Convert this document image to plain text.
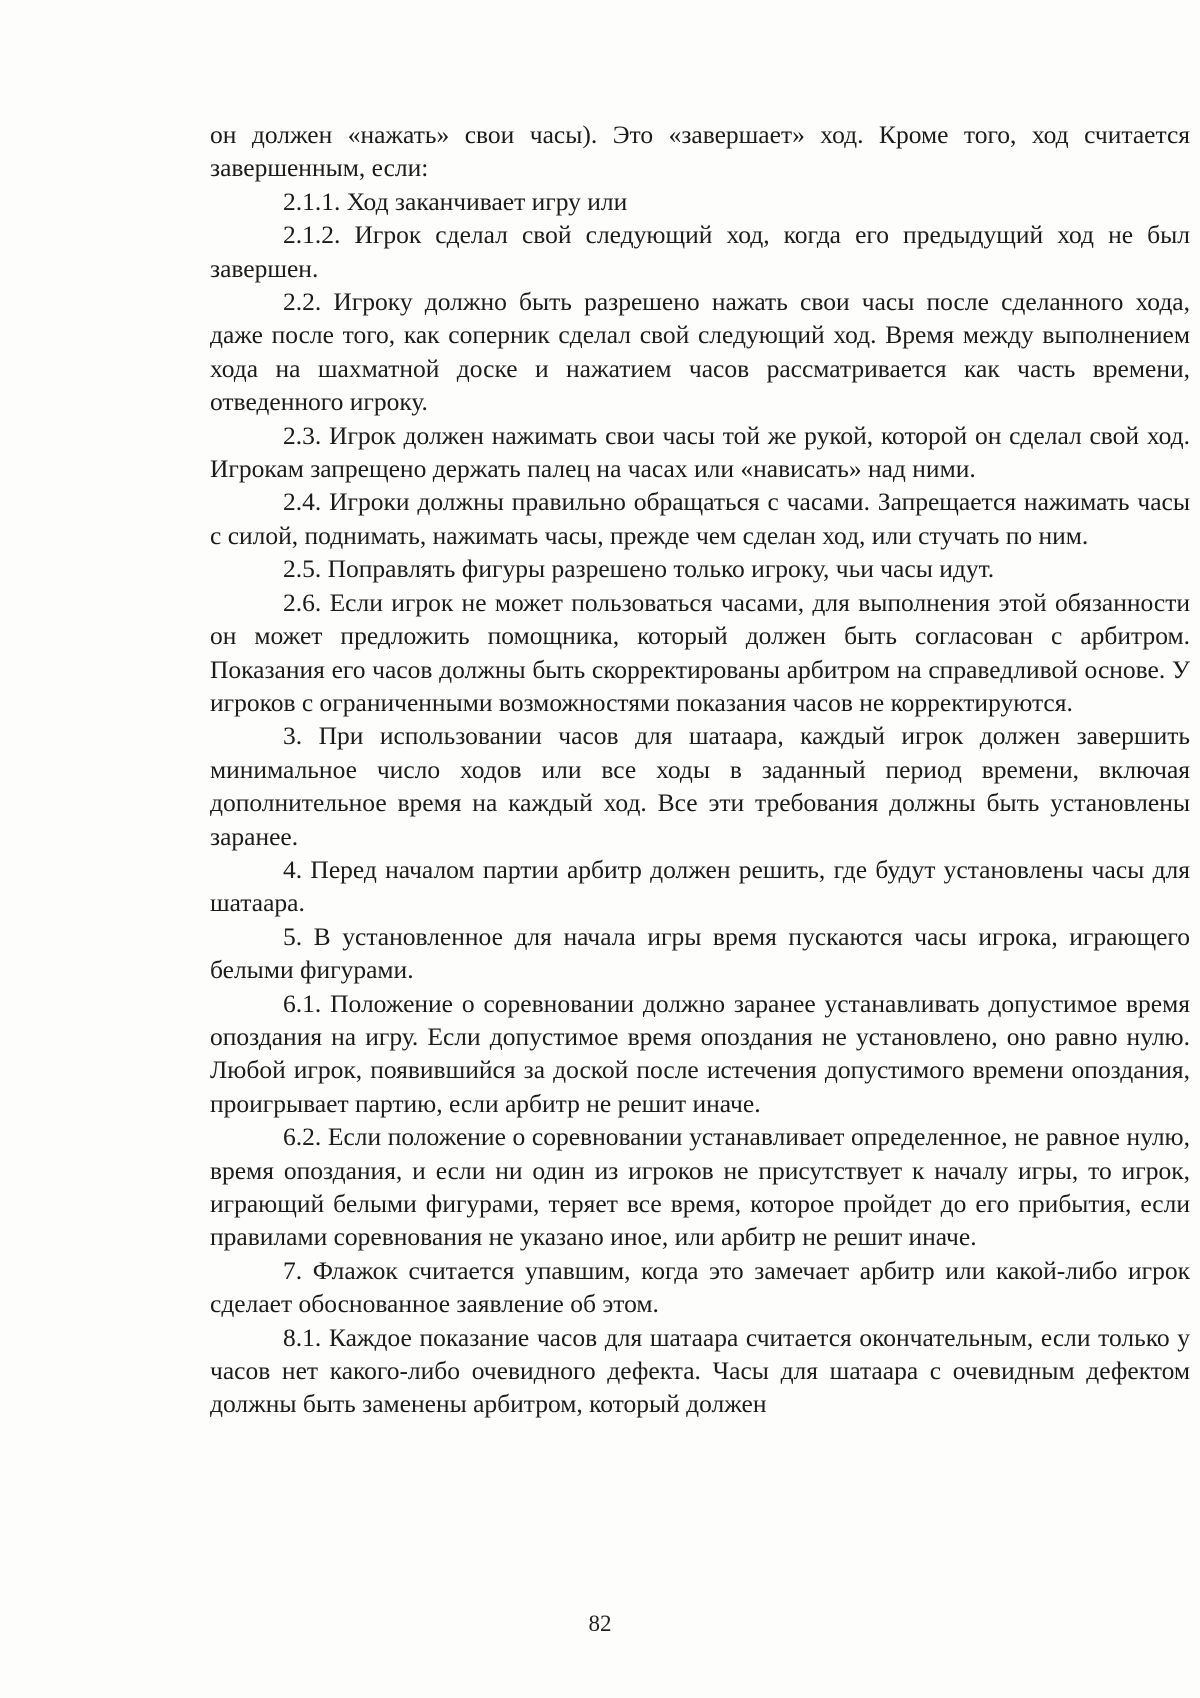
он должен «нажать» свои часы). Это «завершает» ход. Кроме того, ход считается завершенным, если:

2.1.1. Ход заканчивает игру или

2.1.2. Игрок сделал свой следующий ход, когда его предыдущий ход не был завершен.

2.2. Игроку должно быть разрешено нажать свои часы после сделанного хода, даже после того, как соперник сделал свой следующий ход. Время между выполнением хода на шахматной доске и нажатием часов рассматривается как часть времени, отведенного игроку.

2.3. Игрок должен нажимать свои часы той же рукой, которой он сделал свой ход. Игрокам запрещено держать палец на часах или «нависать» над ними.

2.4. Игроки должны правильно обращаться с часами. Запрещается нажимать часы с силой, поднимать, нажимать часы, прежде чем сделан ход, или стучать по ним.

2.5. Поправлять фигуры разрешено только игроку, чьи часы идут.

2.6. Если игрок не может пользоваться часами, для выполнения этой обязанности он может предложить помощника, который должен быть согласован с арбитром. Показания его часов должны быть скорректированы арбитром на справедливой основе. У игроков с ограниченными возможностями показания часов не корректируются.

3. При использовании часов для шатаара, каждый игрок должен завершить минимальное число ходов или все ходы в заданный период времени, включая дополнительное время на каждый ход. Все эти требования должны быть установлены заранее.

4. Перед началом партии арбитр должен решить, где будут установлены часы для шатаара.

5. В установленное для начала игры время пускаются часы игрока, играющего белыми фигурами.

6.1. Положение о соревновании должно заранее устанавливать допустимое время опоздания на игру. Если допустимое время опоздания не установлено, оно равно нулю. Любой игрок, появившийся за доской после истечения допустимого времени опоздания, проигрывает партию, если арбитр не решит иначе.

6.2. Если положение о соревновании устанавливает определенное, не равное нулю, время опоздания, и если ни один из игроков не присутствует к началу игры, то игрок, играющий белыми фигурами, теряет все время, которое пройдет до его прибытия, если правилами соревнования не указано иное, или арбитр не решит иначе.

7. Флажок считается упавшим, когда это замечает арбитр или какой-либо игрок сделает обоснованное заявление об этом.

8.1. Каждое показание часов для шатаара считается окончательным, если только у часов нет какого-либо очевидного дефекта. Часы для шатаара с очевидным дефектом должны быть заменены арбитром, который должен

82
